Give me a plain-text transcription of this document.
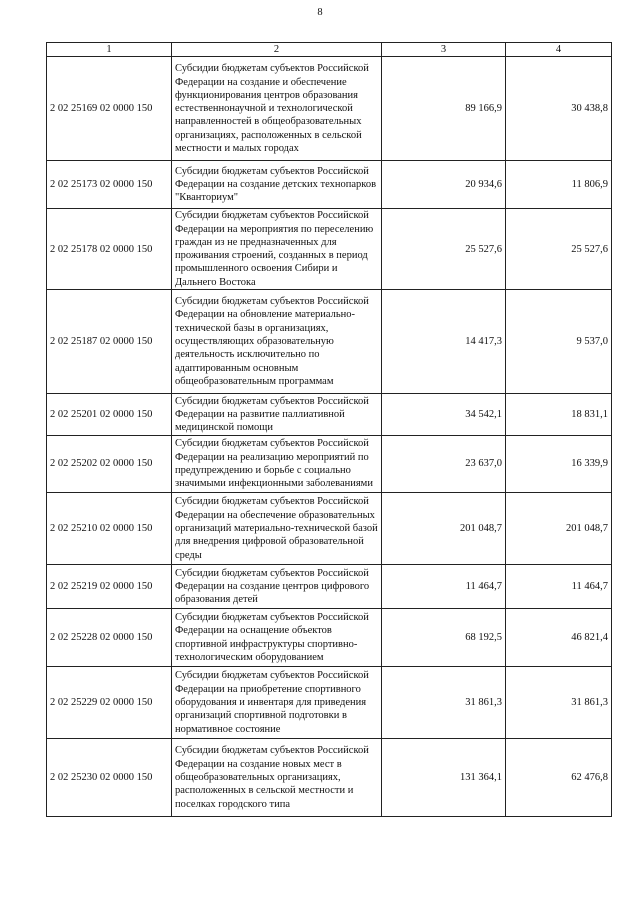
8
1	2	3	4
2 02 25169 02 0000 150	Субсидии бюджетам субъектов Российской Федерации на создание и обеспечение функционирования центров образования естественнонаучной и технологической направленностей в общеобразовательных организациях, расположенных в сельской местности и малых городах	89 166,9	30 438,8
2 02 25173 02 0000 150	Субсидии бюджетам субъектов Российской Федерации на создание детских технопарков "Кванториум"	20 934,6	11 806,9
2 02 25178 02 0000 150	Субсидии бюджетам субъектов Российской Федерации на мероприятия по переселению граждан из не предназначенных для проживания строений, созданных в период промышленного освоения Сибири и Дальнего Востока	25 527,6	25 527,6
2 02 25187 02 0000 150	Субсидии бюджетам субъектов Российской Федерации на обновление материально-технической базы в организациях, осуществляющих образовательную деятельность исключительно по адаптированным основным общеобразовательным программам	14 417,3	9 537,0
2 02 25201 02 0000 150	Субсидии бюджетам субъектов Российской Федерации на развитие паллиативной медицинской помощи	34 542,1	18 831,1
2 02 25202 02 0000 150	Субсидии бюджетам субъектов Российской Федерации на реализацию мероприятий по предупреждению и борьбе с социально значимыми инфекционными заболеваниями	23 637,0	16 339,9
2 02 25210 02 0000 150	Субсидии бюджетам субъектов Российской Федерации на обеспечение образовательных организаций материально-технической базой для внедрения цифровой образовательной среды	201 048,7	201 048,7
2 02 25219 02 0000 150	Субсидии бюджетам субъектов Российской Федерации на создание центров цифрового образования детей	11 464,7	11 464,7
2 02 25228 02 0000 150	Субсидии бюджетам субъектов Российской Федерации на оснащение объектов спортивной инфраструктуры спортивно-технологическим оборудованием	68 192,5	46 821,4
2 02 25229 02 0000 150	Субсидии бюджетам субъектов Российской Федерации на приобретение спортивного оборудования и инвентаря для приведения организаций спортивной подготовки в нормативное состояние	31 861,3	31 861,3
2 02 25230 02 0000 150	Субсидии бюджетам субъектов Российской Федерации на создание новых мест в общеобразовательных организациях, расположенных в сельской местности и поселках городского типа	131 364,1	62 476,8
